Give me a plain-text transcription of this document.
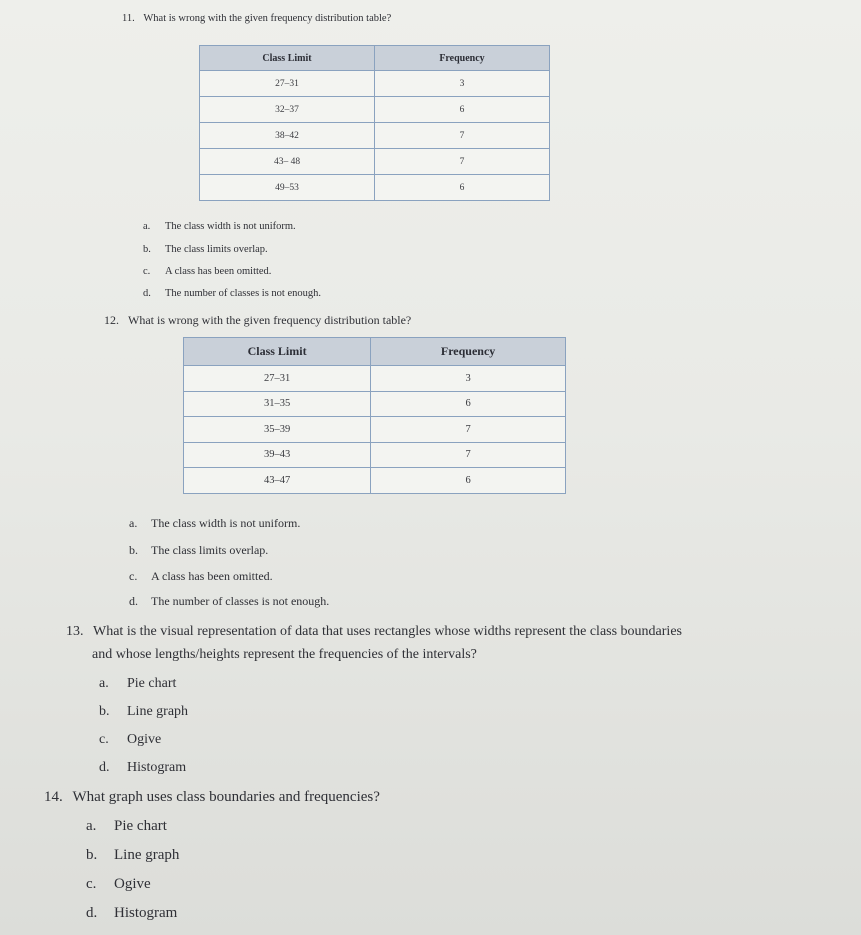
11. What is wrong with the given frequency distribution table?
Class Limit	Frequency
27–31	3
32–37	6
38–42	7
43– 48	7
49–53	6
a. The class width is not uniform.
b. The class limits overlap.
c. A class has been omitted.
d. The number of classes is not enough.
12. What is wrong with the given frequency distribution table?
Class Limit	Frequency
27–31	3
31–35	6
35–39	7
39–43	7
43–47	6
a. The class width is not uniform.
b. The class limits overlap.
c. A class has been omitted.
d. The number of classes is not enough.
13. What is the visual representation of data that uses rectangles whose widths represent the class boundaries
and whose lengths/heights represent the frequencies of the intervals?
a. Pie chart
b. Line graph
c. Ogive
d. Histogram
14. What graph uses class boundaries and frequencies?
a. Pie chart
b. Line graph
c. Ogive
d. Histogram
